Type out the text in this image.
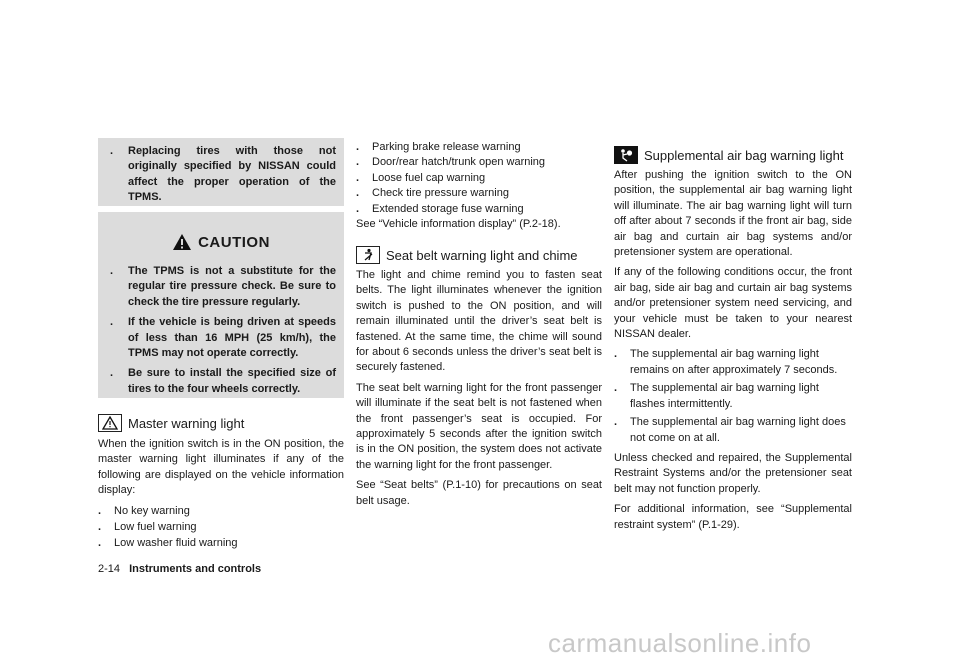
. Replacing tires with those not originally specified by NISSAN could affect the proper operation of the TPMS.

CAUTION

. The TPMS is not a substitute for the regular tire pressure check. Be sure to check the tire pressure regularly.

. If the vehicle is being driven at speeds of less than 16 MPH (25 km/h), the TPMS may not operate correctly.

. Be sure to install the specified size of tires to the four wheels correctly.

Master warning light

When the ignition switch is in the ON position, the master warning light illuminates if any of the following are displayed on the vehicle information display:

. No key warning

. Low fuel warning

. Low washer fluid warning

. Parking brake release warning

. Door/rear hatch/trunk open warning

. Loose fuel cap warning

. Check tire pressure warning

. Extended storage fuse warning

See “Vehicle information display” (P.2-18).

Seat belt warning light and chime

The light and chime remind you to fasten seat belts. The light illuminates whenever the ignition switch is pushed to the ON position, and will remain illuminated until the driver’s seat belt is fastened. At the same time, the chime will sound for about 6 seconds unless the driver’s seat belt is securely fastened.

The seat belt warning light for the front passenger will illuminate if the seat belt is not fastened when the front passenger’s seat is occupied. For approximately 5 seconds after the ignition switch is in the ON position, the system does not activate the warning light for the front passenger.

See “Seat belts” (P.1-10) for precautions on seat belt usage.

Supplemental air bag warning light

After pushing the ignition switch to the ON position, the supplemental air bag warning light will illuminate. The air bag warning light will turn off after about 7 seconds if the front air bag, side air bag and curtain air bag systems and/or pretensioner system are operational.

If any of the following conditions occur, the front air bag, side air bag and curtain air bag systems and/or pretensioner system need servicing, and your vehicle must be taken to your nearest NISSAN dealer.

. The supplemental air bag warning light remains on after approximately 7 seconds.

. The supplemental air bag warning light flashes intermittently.

. The supplemental air bag warning light does not come on at all.

Unless checked and repaired, the Supplemental Restraint Systems and/or the pretensioner seat belt may not function properly.

For additional information, see “Supplemental restraint system” (P.1-29).

2-14 Instruments and controls
carmanualsonline.info
